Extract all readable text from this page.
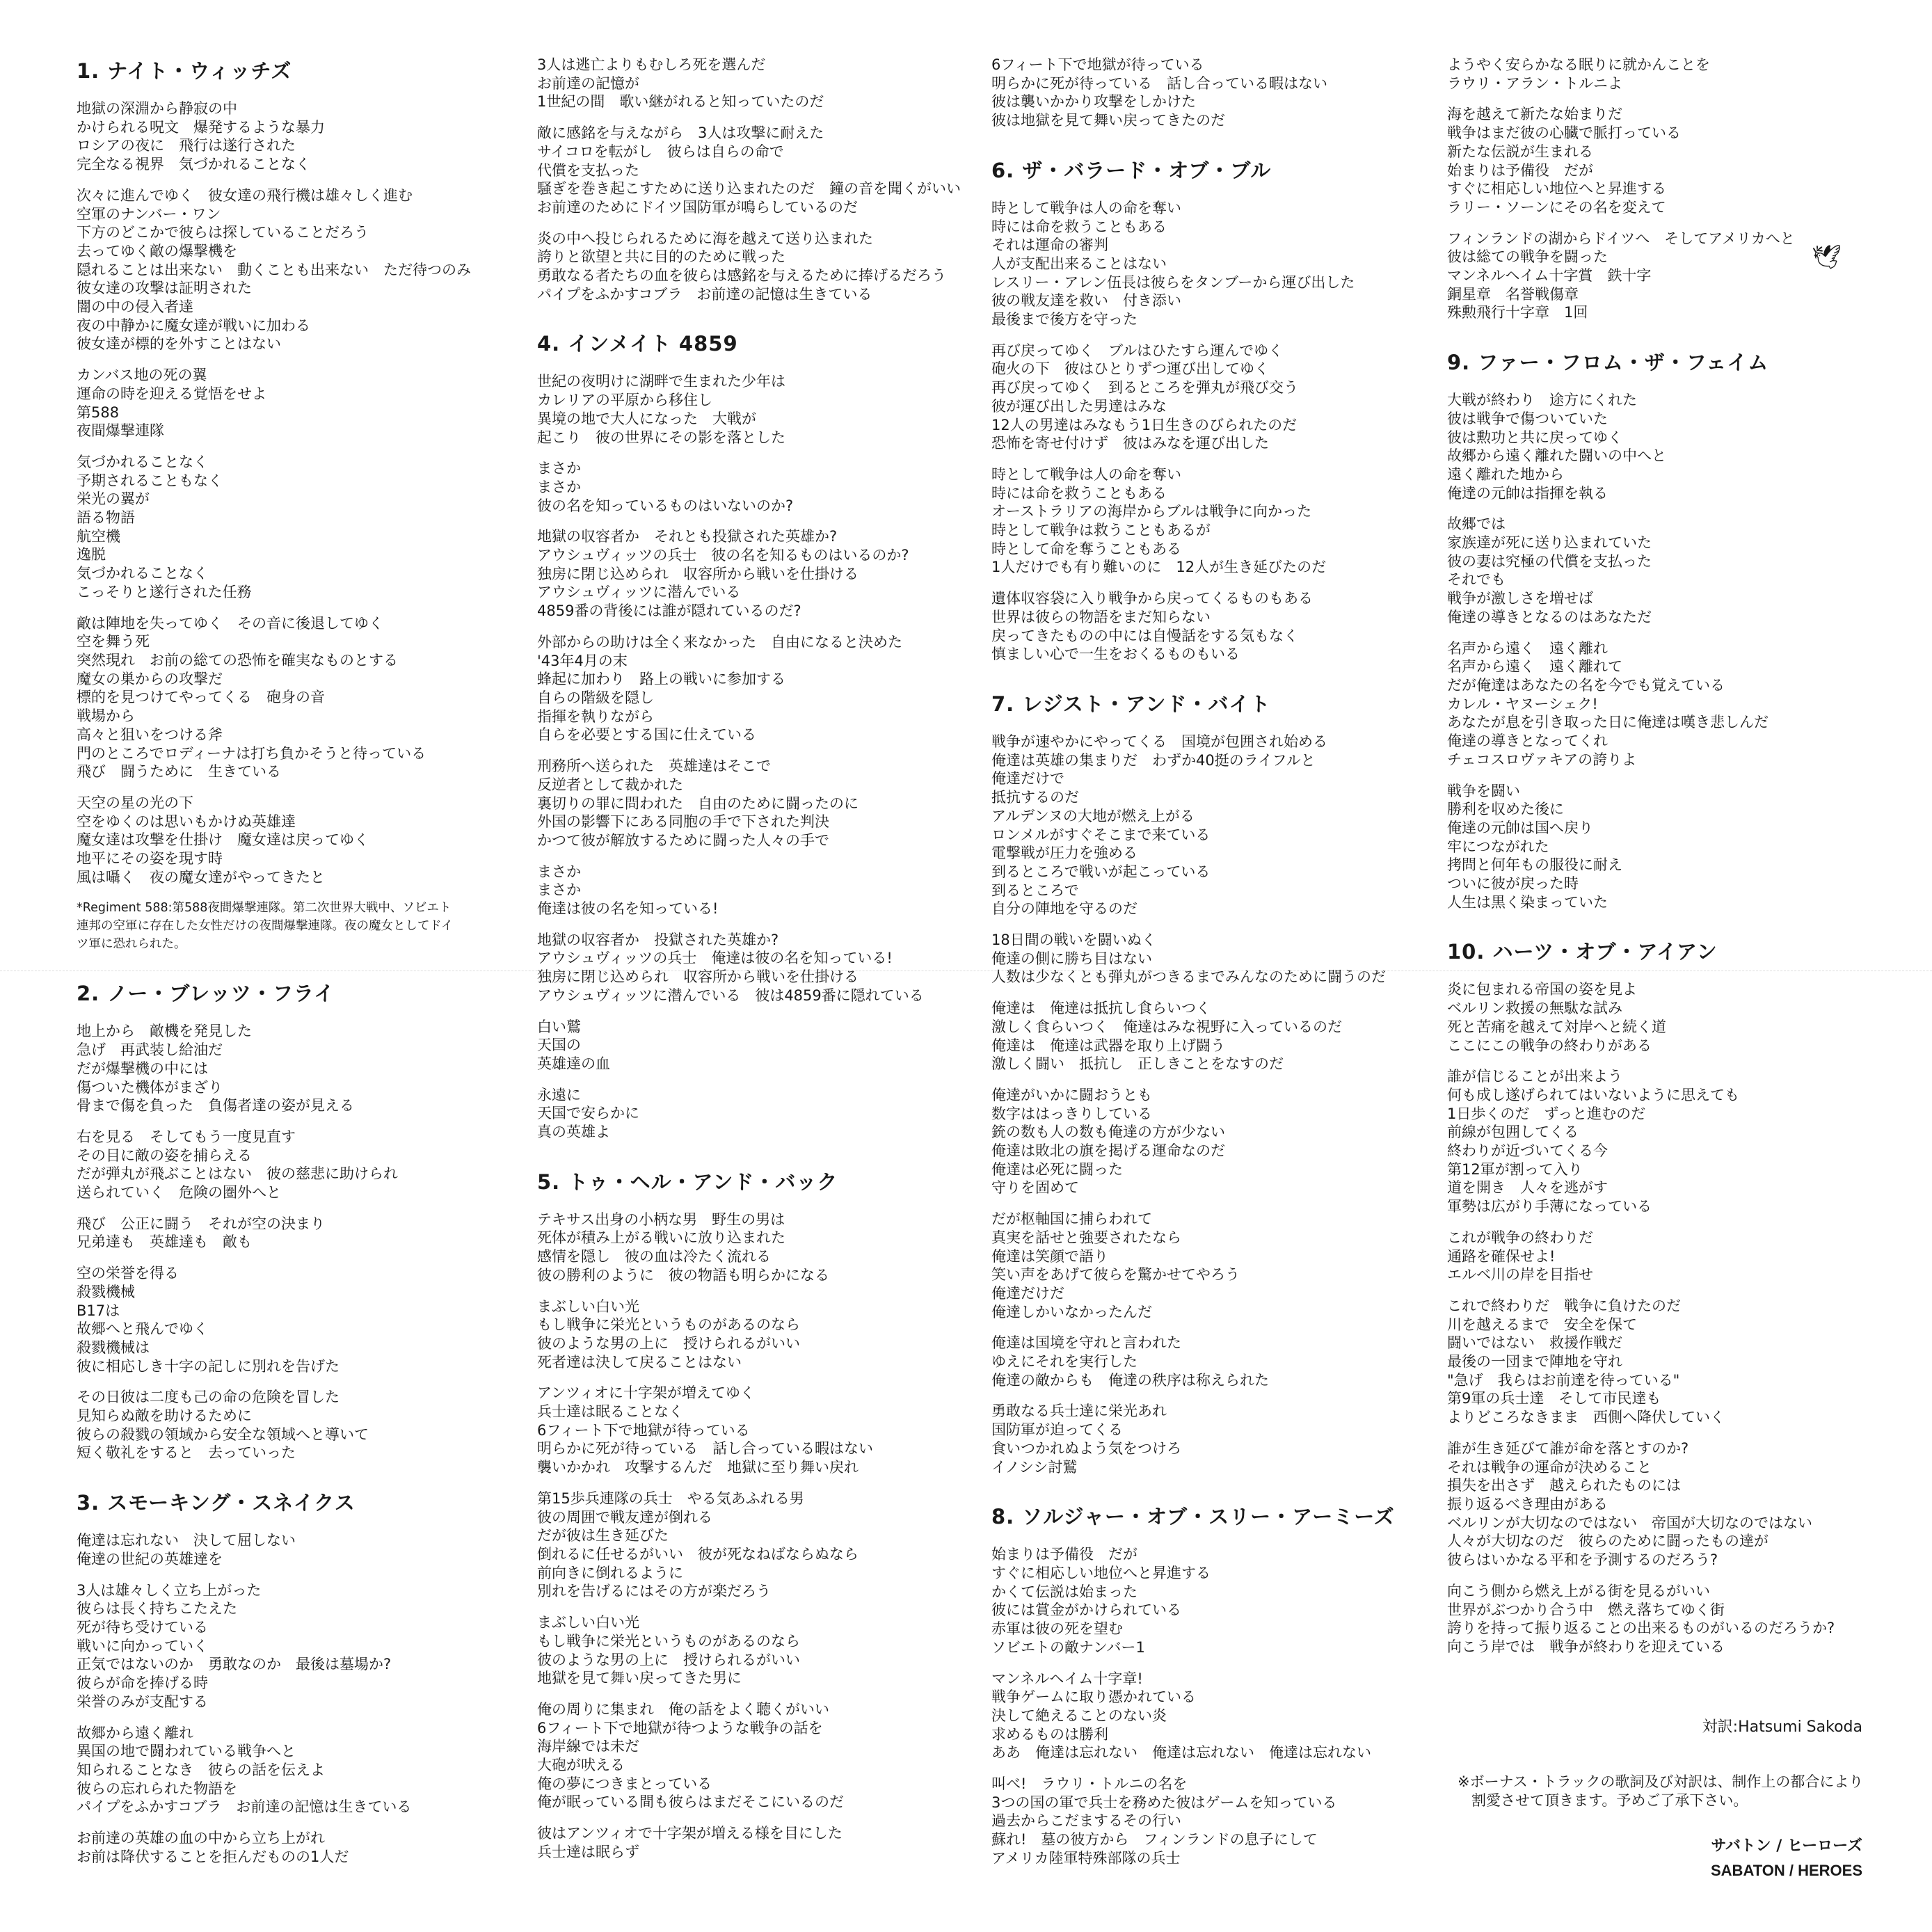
1. ナイト・ウィッチズ
地獄の深淵から静寂の中
かけられる呪文　爆発するような暴力
ロシアの夜に　飛行は遂行された
完全なる視界　気づかれることなく
次々に進んでゆく　彼女達の飛行機は雄々しく進む
空軍のナンバー・ワン
下方のどこかで彼らは探していることだろう
去ってゆく敵の爆撃機を
隠れることは出来ない　動くことも出来ない　ただ待つのみ
彼女達の攻撃は証明された
闇の中の侵入者達
夜の中静かに魔女達が戦いに加わる
彼女達が標的を外すことはない
カンバス地の死の翼
運命の時を迎える覚悟をせよ
第588
夜間爆撃連隊
気づかれることなく
予期されることもなく
栄光の翼が
語る物語
航空機
逸脱
気づかれることなく
こっそりと遂行された任務
敵は陣地を失ってゆく　その音に後退してゆく
空を舞う死
突然現れ　お前の総ての恐怖を確実なものとする
魔女の巣からの攻撃だ
標的を見つけてやってくる　砲身の音
戦場から
高々と狙いをつける斧
門のところでロディーナは打ち負かそうと待っている
飛び　闘うために　生きている
天空の星の光の下
空をゆくのは思いもかけぬ英雄達
魔女達は攻撃を仕掛け　魔女達は戻ってゆく
地平にその姿を現す時
風は囁く　夜の魔女達がやってきたと
*Regiment 588:第588夜間爆撃連隊。第二次世界大戦中、ソビエト
連邦の空軍に存在した女性だけの夜間爆撃連隊。夜の魔女としてドイ
ツ軍に恐れられた。
2. ノー・ブレッツ・フライ
地上から　敵機を発見した
急げ　再武装し給油だ
だが爆撃機の中には
傷ついた機体がまざり
骨まで傷を負った　負傷者達の姿が見える
右を見る　そしてもう一度見直す
その目に敵の姿を捕らえる
だが弾丸が飛ぶことはない　彼の慈悲に助けられ
送られていく　危険の圏外へと
飛び　公正に闘う　それが空の決まり
兄弟達も　英雄達も　敵も
空の栄誉を得る
殺戮機械
B17は
故郷へと飛んでゆく
殺戮機械は
彼に相応しき十字の記しに別れを告げた
その日彼は二度も己の命の危険を冒した
見知らぬ敵を助けるために
彼らの殺戮の領域から安全な領域へと導いて
短く敬礼をすると　去っていった
3. スモーキング・スネイクス
俺達は忘れない　決して屈しない
俺達の世紀の英雄達を
3人は雄々しく立ち上がった
彼らは長く持ちこたえた
死が待ち受けている
戦いに向かっていく
正気ではないのか　勇敢なのか　最後は墓場か?
彼らが命を捧げる時
栄誉のみが支配する
故郷から遠く離れ
異国の地で闘われている戦争へと
知られることなき　彼らの話を伝えよ
彼らの忘れられた物語を
パイプをふかすコブラ　お前達の記憶は生きている
お前達の英雄の血の中から立ち上がれ
お前は降伏することを拒んだものの1人だ
3人は逃亡よりもむしろ死を選んだ
お前達の記憶が
1世紀の間　歌い継がれると知っていたのだ
敵に感銘を与えながら　3人は攻撃に耐えた
サイコロを転がし　彼らは自らの命で
代償を支払った
騒ぎを巻き起こすために送り込まれたのだ　鐘の音を聞くがいい
お前達のためにドイツ国防軍が鳴らしているのだ
炎の中へ投じられるために海を越えて送り込まれた
誇りと欲望と共に目的のために戦った
勇敢なる者たちの血を彼らは感銘を与えるために捧げるだろう
パイプをふかすコブラ　お前達の記憶は生きている
4. インメイト 4859
世紀の夜明けに湖畔で生まれた少年は
カレリアの平原から移住し
異境の地で大人になった　大戦が
起こり　彼の世界にその影を落とした
まさか
まさか
彼の名を知っているものはいないのか?
地獄の収容者か　それとも投獄された英雄か?
アウシュヴィッツの兵士　彼の名を知るものはいるのか?
独房に閉じ込められ　収容所から戦いを仕掛ける
アウシュヴィッツに潜んでいる
4859番の背後には誰が隠れているのだ?
外部からの助けは全く来なかった　自由になると決めた
'43年4月の末
蜂起に加わり　路上の戦いに参加する
自らの階級を隠し
指揮を執りながら
自らを必要とする国に仕えている
刑務所へ送られた　英雄達はそこで
反逆者として裁かれた
裏切りの罪に問われた　自由のために闘ったのに
外国の影響下にある同胞の手で下された判決
かつて彼が解放するために闘った人々の手で
まさか
まさか
俺達は彼の名を知っている!
地獄の収容者か　投獄された英雄か?
アウシュヴィッツの兵士　俺達は彼の名を知っている!
独房に閉じ込められ　収容所から戦いを仕掛ける
アウシュヴィッツに潜んでいる　彼は4859番に隠れている
白い鷲
天国の
英雄達の血
永遠に
天国で安らかに
真の英雄よ
5. トゥ・ヘル・アンド・バック
テキサス出身の小柄な男　野生の男は
死体が積み上がる戦いに放り込まれた
感情を隠し　彼の血は冷たく流れる
彼の勝利のように　彼の物語も明らかになる
まぶしい白い光
もし戦争に栄光というものがあるのなら
彼のような男の上に　授けられるがいい
死者達は決して戻ることはない
アンツィオに十字架が増えてゆく
兵士達は眠ることなく
6フィート下で地獄が待っている
明らかに死が待っている　話し合っている暇はない
襲いかかれ　攻撃するんだ　地獄に至り舞い戻れ
第15歩兵連隊の兵士　やる気あふれる男
彼の周囲で戦友達が倒れる
だが彼は生き延びた
倒れるに任せるがいい　彼が死なねばならぬなら
前向きに倒れるように
別れを告げるにはその方が楽だろう
まぶしい白い光
もし戦争に栄光というものがあるのなら
彼のような男の上に　授けられるがいい
地獄を見て舞い戻ってきた男に
俺の周りに集まれ　俺の話をよく聴くがいい
6フィート下で地獄が待つような戦争の話を
海岸線では未だ
大砲が吠える
俺の夢につきまとっている
俺が眠っている間も彼らはまだそこにいるのだ
彼はアンツィオで十字架が増える様を目にした
兵士達は眠らず
6フィート下で地獄が待っている
明らかに死が待っている　話し合っている暇はない
彼は襲いかかり攻撃をしかけた
彼は地獄を見て舞い戻ってきたのだ
6. ザ・バラード・オブ・ブル
時として戦争は人の命を奪い
時には命を救うこともある
それは運命の審判
人が支配出来ることはない
レスリー・アレン伍長は彼らをタンブーから運び出した
彼の戦友達を救い　付き添い
最後まで後方を守った
再び戻ってゆく　ブルはひたすら運んでゆく
砲火の下　彼はひとりずつ運び出してゆく
再び戻ってゆく　到るところを弾丸が飛び交う
彼が運び出した男達はみな
12人の男達はみなもう1日生きのびられたのだ
恐怖を寄せ付けず　彼はみなを運び出した
時として戦争は人の命を奪い
時には命を救うこともある
オーストラリアの海岸からブルは戦争に向かった
時として戦争は救うこともあるが
時として命を奪うこともある
1人だけでも有り難いのに　12人が生き延びたのだ
遺体収容袋に入り戦争から戻ってくるものもある
世界は彼らの物語をまだ知らない
戻ってきたものの中には自慢話をする気もなく
慎ましい心で一生をおくるものもいる
7. レジスト・アンド・バイト
戦争が速やかにやってくる　国境が包囲され始める
俺達は英雄の集まりだ　わずか40挺のライフルと
俺達だけで
抵抗するのだ
アルデンヌの大地が燃え上がる
ロンメルがすぐそこまで来ている
電撃戦が圧力を強める
到るところで戦いが起こっている
到るところで
自分の陣地を守るのだ
18日間の戦いを闘いぬく
俺達の側に勝ち目はない
人数は少なくとも弾丸がつきるまでみんなのために闘うのだ
俺達は　俺達は抵抗し食らいつく
激しく食らいつく　俺達はみな視野に入っているのだ
俺達は　俺達は武器を取り上げ闘う
激しく闘い　抵抗し　正しきことをなすのだ
俺達がいかに闘おうとも
数字ははっきりしている
銃の数も人の数も俺達の方が少ない
俺達は敗北の旗を掲げる運命なのだ
俺達は必死に闘った
守りを固めて
だが枢軸国に捕らわれて
真実を話せと強要されたなら
俺達は笑顔で語り
笑い声をあげて彼らを驚かせてやろう
俺達だけだ
俺達しかいなかったんだ
俺達は国境を守れと言われた
ゆえにそれを実行した
俺達の敵からも　俺達の秩序は称えられた
勇敢なる兵士達に栄光あれ
国防軍が迫ってくる
食いつかれぬよう気をつけろ
イノシシ討鷲
8. ソルジャー・オブ・スリー・アーミーズ
始まりは予備役　だが
すぐに相応しい地位へと昇進する
かくて伝説は始まった
彼には賞金がかけられている
赤軍は彼の死を望む
ソビエトの敵ナンバー1
マンネルヘイム十字章!
戦争ゲームに取り憑かれている
決して絶えることのない炎
求めるものは勝利
ああ　俺達は忘れない　俺達は忘れない　俺達は忘れない
叫べ!　ラウリ・トルニの名を
3つの国の軍で兵士を務めた彼はゲームを知っている
過去からこだまするその行い
蘇れ!　墓の彼方から　フィンランドの息子にして
アメリカ陸軍特殊部隊の兵士
ようやく安らかなる眠りに就かんことを
ラウリ・アラン・トルニよ
海を越えて新たな始まりだ
戦争はまだ彼の心臓で脈打っている
新たな伝説が生まれる
始まりは予備役　だが
すぐに相応しい地位へと昇進する
ラリー・ソーンにその名を変えて
フィンランドの湖からドイツへ　そしてアメリカへと
彼は総ての戦争を闘った
マンネルヘイム十字賞　鉄十字
銅星章　名誉戦傷章
殊勲飛行十字章　1回
9. ファー・フロム・ザ・フェイム
大戦が終わり　途方にくれた
彼は戦争で傷ついていた
彼は勲功と共に戻ってゆく
故郷から遠く離れた闘いの中へと
遠く離れた地から
俺達の元帥は指揮を執る
故郷では
家族達が死に送り込まれていた
彼の妻は究極の代償を支払った
それでも
戦争が激しさを増せば
俺達の導きとなるのはあなただ
名声から遠く　遠く離れ
名声から遠く　遠く離れて
だが俺達はあなたの名を今でも覚えている
カレル・ヤヌーシェク!
あなたが息を引き取った日に俺達は嘆き悲しんだ
俺達の導きとなってくれ
チェコスロヴァキアの誇りよ
戦争を闘い
勝利を収めた後に
俺達の元帥は国へ戻り
牢につながれた
拷問と何年もの服役に耐え
ついに彼が戻った時
人生は黒く染まっていた
10. ハーツ・オブ・アイアン
炎に包まれる帝国の姿を見よ
ベルリン救援の無駄な試み
死と苦痛を越えて対岸へと続く道
ここにこの戦争の終わりがある
誰が信じることが出来よう
何も成し遂げられてはいないように思えても
1日歩くのだ　ずっと進むのだ
前線が包囲してくる
終わりが近づいてくる今
第12軍が割って入り
道を開き　人々を逃がす
軍勢は広がり手薄になっている
これが戦争の終わりだ
通路を確保せよ!
エルベ川の岸を目指せ
これで終わりだ　戦争に負けたのだ
川を越えるまで　安全を保て
闘いではない　救援作戦だ
最後の一団まで陣地を守れ
"急げ　我らはお前達を待っている"
第9軍の兵士達　そして市民達も
よりどころなきまま　西側へ降伏していく
誰が生き延びて誰が命を落とすのか?
それは戦争の運命が決めること
損失を出さず　越えられたものには
振り返るべき理由がある
ベルリンが大切なのではない　帝国が大切なのではない
人々が大切なのだ　彼らのために闘ったもの達が
彼らはいかなる平和を予測するのだろう?
向こう側から燃え上がる街を見るがいい
世界がぶつかり合う中　燃え落ちてゆく街
誇りを持って振り返ることの出来るものがいるのだろうか?
向こう岸では　戦争が終わりを迎えている
🕊
対訳:Hatsumi Sakoda
※ボーナス・トラックの歌詞及び対訳は、制作上の都合により
割愛させて頂きます。予めご了承下さい。
サバトン / ヒーローズ
SABATON / HEROES
